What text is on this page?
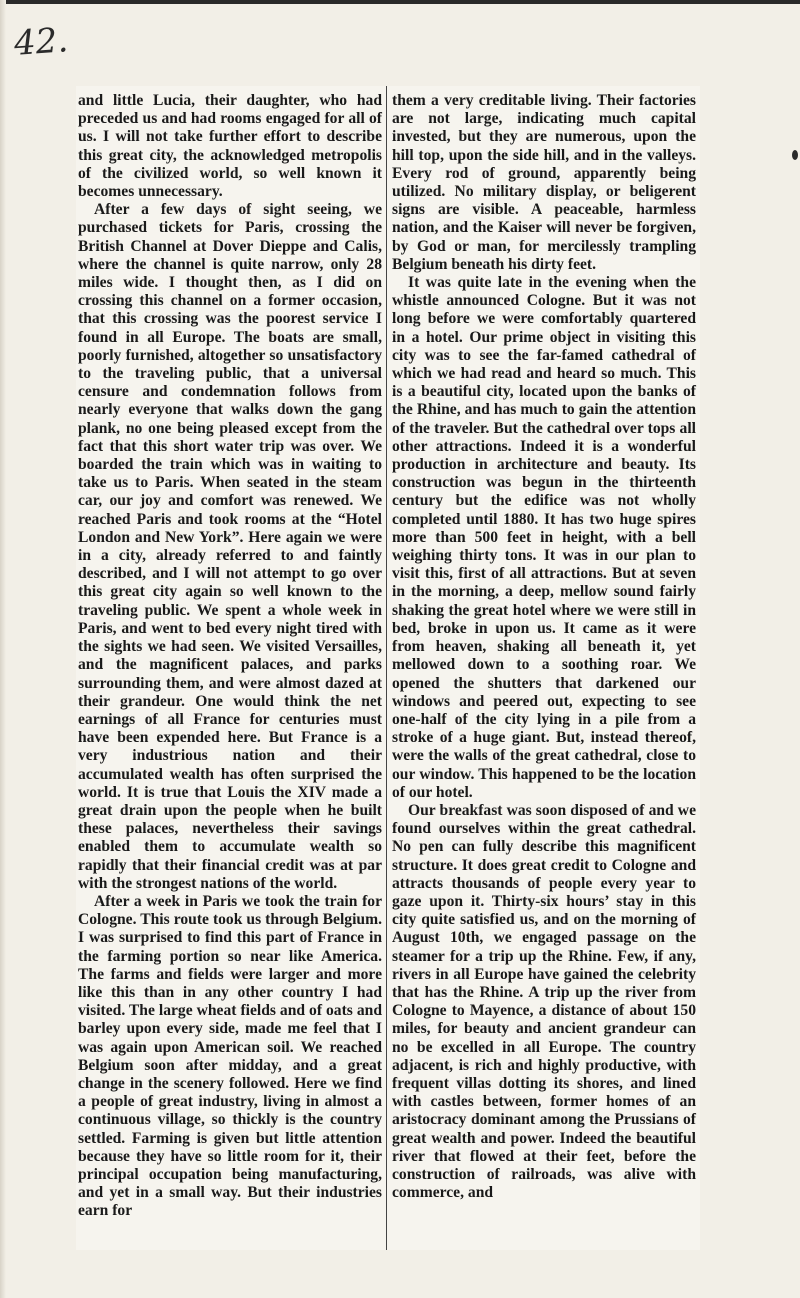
42.

and little Lucia, their daughter, who had preceded us and had rooms engaged for all of us. I will not take further effort to describe this great city, the acknowledged metropolis of the civilized world, so well known it becomes unnecessary.

After a few days of sight seeing, we purchased tickets for Paris, crossing the British Channel at Dover Dieppe and Calis, where the channel is quite narrow, only 28 miles wide. I thought then, as I did on crossing this channel on a former occasion, that this crossing was the poorest service I found in all Europe. The boats are small, poorly furnished, altogether so unsatisfactory to the traveling public, that a universal censure and condemnation follows from nearly everyone that walks down the gang plank, no one being pleased except from the fact that this short water trip was over. We boarded the train which was in waiting to take us to Paris. When seated in the steam car, our joy and comfort was renewed. We reached Paris and took rooms at the “Hotel London and New York”. Here again we were in a city, already referred to and faintly described, and I will not attempt to go over this great city again so well known to the traveling public. We spent a whole week in Paris, and went to bed every night tired with the sights we had seen. We visited Versailles, and the magnificent palaces, and parks surrounding them, and were almost dazed at their grandeur. One would think the net earnings of all France for centuries must have been expended here. But France is a very industrious nation and their accumulated wealth has often surprised the world. It is true that Louis the XIV made a great drain upon the people when he built these palaces, nevertheless their savings enabled them to accumulate wealth so rapidly that their financial credit was at par with the strongest nations of the world.

After a week in Paris we took the train for Cologne. This route took us through Belgium. I was surprised to find this part of France in the farming portion so near like America. The farms and fields were larger and more like this than in any other country I had visited. The large wheat fields and of oats and barley upon every side, made me feel that I was again upon American soil. We reached Belgium soon after midday, and a great change in the scenery followed. Here we find a people of great industry, living in almost a continuous village, so thickly is the country settled. Farming is given but little attention because they have so little room for it, their principal occupation being manufacturing, and yet in a small way. But their industries earn for

them a very creditable living. Their factories are not large, indicating much capital invested, but they are numerous, upon the hill top, upon the side hill, and in the valleys. Every rod of ground, apparently being utilized. No military display, or beligerent signs are visible. A peaceable, harmless nation, and the Kaiser will never be forgiven, by God or man, for mercilessly trampling Belgium beneath his dirty feet.

It was quite late in the evening when the whistle announced Cologne. But it was not long before we were comfortably quartered in a hotel. Our prime object in visiting this city was to see the far-famed cathedral of which we had read and heard so much. This is a beautiful city, located upon the banks of the Rhine, and has much to gain the attention of the traveler. But the cathedral over tops all other attractions. Indeed it is a wonderful production in architecture and beauty. Its construction was begun in the thirteenth century but the edifice was not wholly completed until 1880. It has two huge spires more than 500 feet in height, with a bell weighing thirty tons. It was in our plan to visit this, first of all attractions. But at seven in the morning, a deep, mellow sound fairly shaking the great hotel where we were still in bed, broke in upon us. It came as it were from heaven, shaking all beneath it, yet mellowed down to a soothing roar. We opened the shutters that darkened our windows and peered out, expecting to see one-half of the city lying in a pile from a stroke of a huge giant. But, instead thereof, were the walls of the great cathedral, close to our window. This happened to be the location of our hotel.

Our breakfast was soon disposed of and we found ourselves within the great cathedral. No pen can fully describe this magnificent structure. It does great credit to Cologne and attracts thousands of people every year to gaze upon it. Thirty-six hours’ stay in this city quite satisfied us, and on the morning of August 10th, we engaged passage on the steamer for a trip up the Rhine. Few, if any, rivers in all Europe have gained the celebrity that has the Rhine. A trip up the river from Cologne to Mayence, a distance of about 150 miles, for beauty and ancient grandeur can no be excelled in all Europe. The country adjacent, is rich and highly productive, with frequent villas dotting its shores, and lined with castles between, former homes of an aristocracy dominant among the Prussians of great wealth and power. Indeed the beautiful river that flowed at their feet, before the construction of railroads, was alive with commerce, and
